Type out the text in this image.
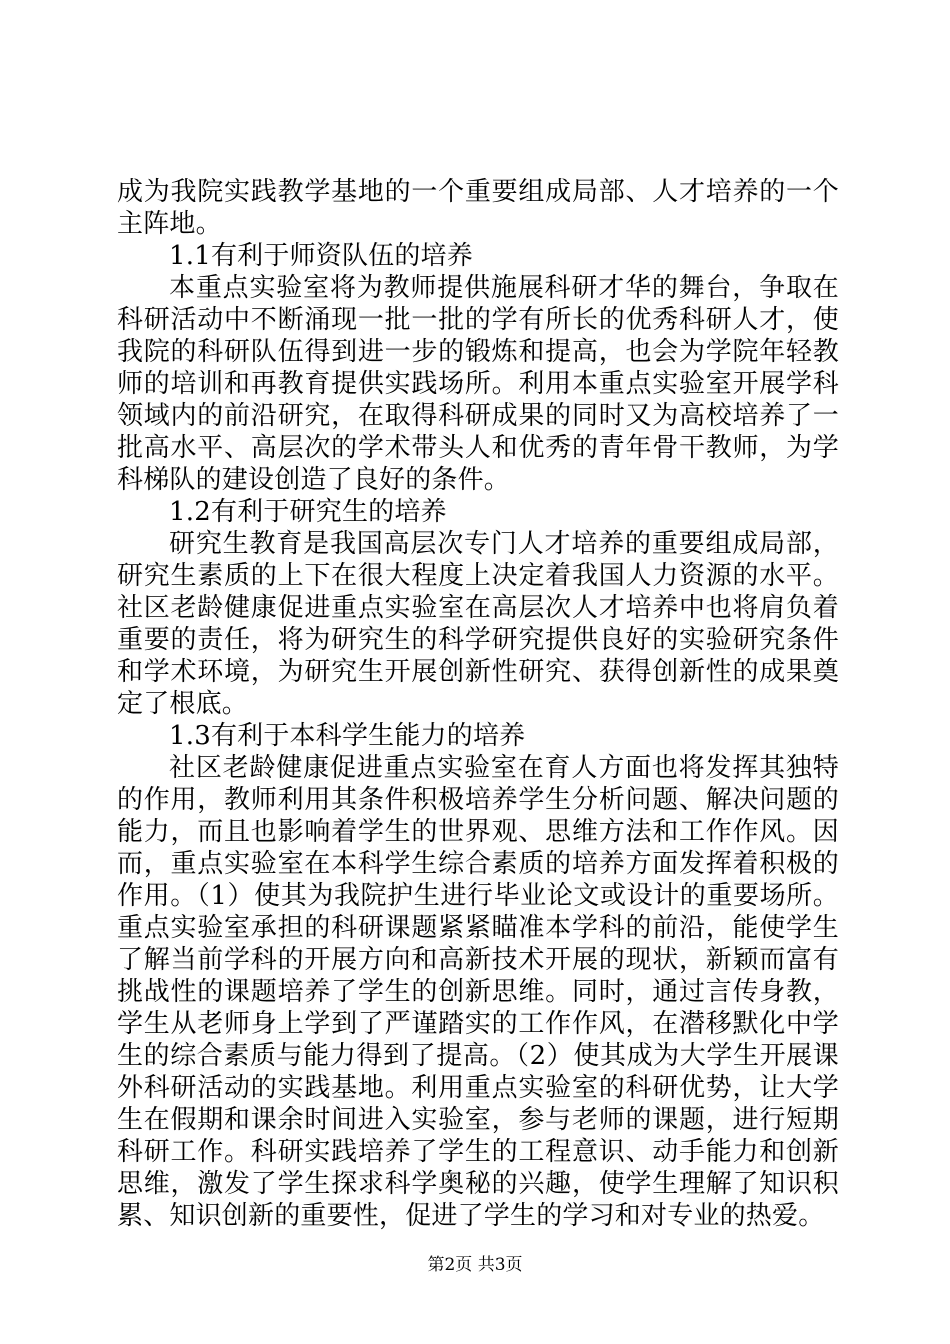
成为我院实践教学基地的一个重要组成局部、人才培养的一个主阵地。

1.1有利于师资队伍的培养

本重点实验室将为教师提供施展科研才华的舞台，争取在科研活动中不断涌现一批一批的学有所长的优秀科研人才，使我院的科研队伍得到进一步的锻炼和提高，也会为学院年轻教师的培训和再教育提供实践场所。利用本重点实验室开展学科领域内的前沿研究，在取得科研成果的同时又为高校培养了一批高水平、高层次的学术带头人和优秀的青年骨干教师，为学科梯队的建设创造了良好的条件。

1.2有利于研究生的培养

研究生教育是我国高层次专门人才培养的重要组成局部，研究生素质的上下在很大程度上决定着我国人力资源的水平。社区老龄健康促进重点实验室在高层次人才培养中也将肩负着重要的责任，将为研究生的科学研究提供良好的实验研究条件和学术环境，为研究生开展创新性研究、获得创新性的成果奠定了根底。

1.3有利于本科学生能力的培养

社区老龄健康促进重点实验室在育人方面也将发挥其独特的作用，教师利用其条件积极培养学生分析问题、解决问题的能力，而且也影响着学生的世界观、思维方法和工作作风。因而，重点实验室在本科学生综合素质的培养方面发挥着积极的作用。（1）使其为我院护生进行毕业论文或设计的重要场所。重点实验室承担的科研课题紧紧瞄准本学科的前沿，能使学生了解当前学科的开展方向和高新技术开展的现状，新颖而富有挑战性的课题培养了学生的创新思维。同时，通过言传身教，学生从老师身上学到了严谨踏实的工作作风，在潜移默化中学生的综合素质与能力得到了提高。（2）使其成为大学生开展课外科研活动的实践基地。利用重点实验室的科研优势，让大学生在假期和课余时间进入实验室，参与老师的课题，进行短期科研工作。科研实践培养了学生的工程意识、动手能力和创新思维，激发了学生探求科学奥秘的兴趣，使学生理解了知识积累、知识创新的重要性，促进了学生的学习和对专业的热爱。

第2页 共3页
